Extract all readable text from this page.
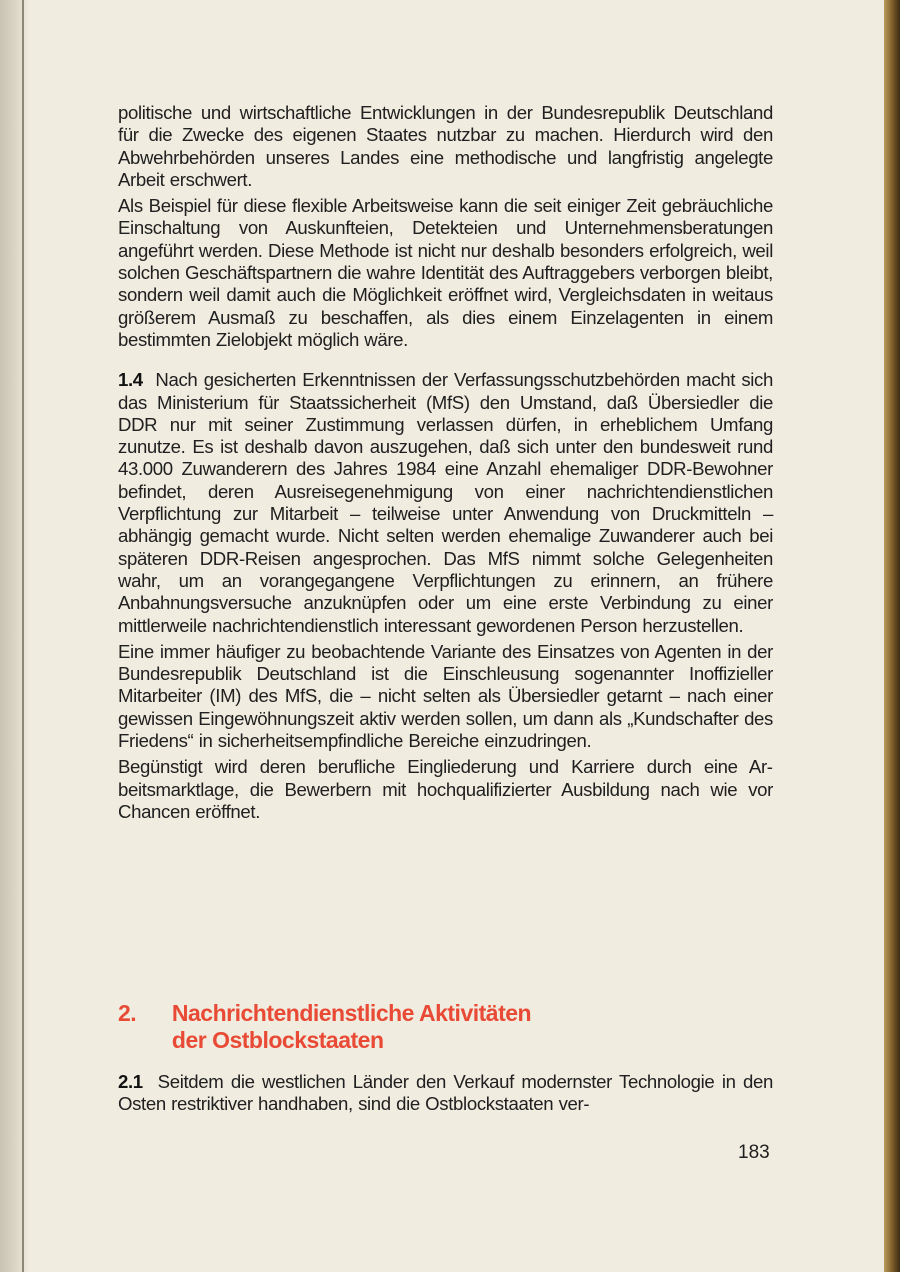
politische und wirtschaftliche Entwicklungen in der Bundesrepublik Deutschland für die Zwecke des eigenen Staates nutzbar zu machen. Hierdurch wird den Abwehrbehörden unseres Landes eine methodische und langfristig angelegte Arbeit erschwert.

Als Beispiel für diese flexible Arbeitsweise kann die seit einiger Zeit gebräuchliche Einschaltung von Auskunfteien, Detekteien und Unternehmensberatungen angeführt werden. Diese Methode ist nicht nur deshalb besonders erfolgreich, weil solchen Geschäftspartnern die wahre Identität des Auftraggebers verborgen bleibt, sondern weil damit auch die Möglichkeit eröffnet wird, Vergleichsdaten in weitaus größerem Ausmaß zu beschaffen, als dies einem Einzelagenten in einem bestimmten Zielobjekt möglich wäre.

1.4 Nach gesicherten Erkenntnissen der Verfassungsschutzbehörden macht sich das Ministerium für Staatssicherheit (MfS) den Umstand, daß Übersiedler die DDR nur mit seiner Zustimmung verlassen dürfen, in erheblichem Umfang zunutze. Es ist deshalb davon auszugehen, daß sich unter den bundesweit rund 43.000 Zuwanderern des Jahres 1984 eine Anzahl ehemaliger DDR-Bewohner befindet, deren Ausreisegenehmigung von einer nachrichtendienstlichen Verpflichtung zur Mitarbeit – teilweise unter Anwendung von Druckmitteln – abhängig gemacht wurde. Nicht selten werden ehemalige Zuwanderer auch bei späteren DDR-Reisen angesprochen. Das MfS nimmt solche Gelegenheiten wahr, um an vorangegangene Verpflichtungen zu erinnern, an frühere Anbahnungsversuche anzuknüpfen oder um eine erste Verbindung zu einer mittlerweile nachrichtendienstlich interessant gewordenen Person herzustellen.

Eine immer häufiger zu beobachtende Variante des Einsatzes von Agenten in der Bundesrepublik Deutschland ist die Einschleusung sogenannter Inoffizieller Mitarbeiter (IM) des MfS, die – nicht selten als Übersiedler getarnt – nach einer gewissen Eingewöhnungszeit aktiv werden sollen, um dann als „Kundschafter des Friedens“ in sicherheitsempfindliche Bereiche einzudringen.

Begünstigt wird deren berufliche Eingliederung und Karriere durch eine Arbeitsmarktlage, die Bewerbern mit hochqualifizierter Ausbildung nach wie vor Chancen eröffnet.

2. Nachrichtendienstliche Aktivitäten
der Ostblockstaaten

2.1 Seitdem die westlichen Länder den Verkauf modernster Technologie in den Osten restriktiver handhaben, sind die Ostblockstaaten ver-

183
